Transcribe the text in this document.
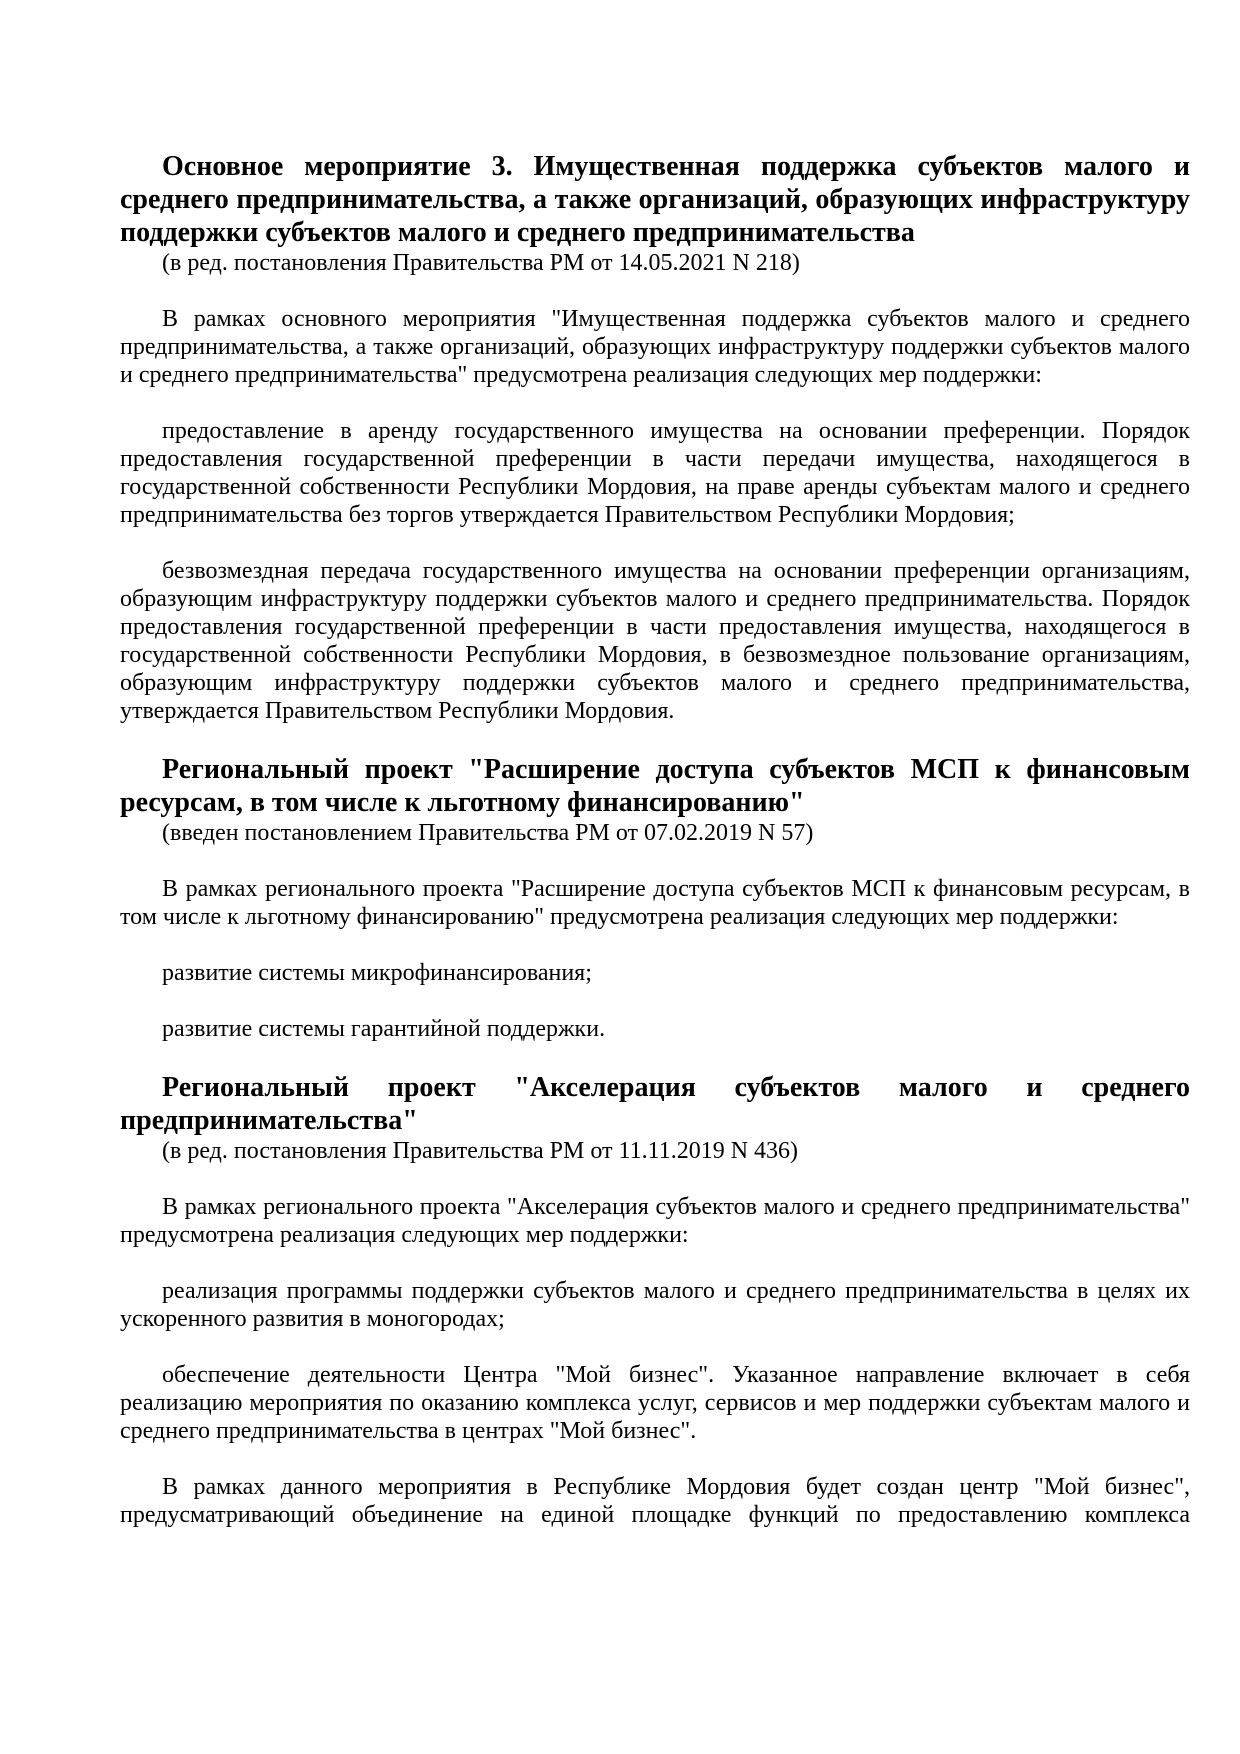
Основное мероприятие 3. Имущественная поддержка субъектов малого и среднего предпринимательства, а также организаций, образующих инфраструктуру поддержки субъектов малого и среднего предпринимательства

(в ред. постановления Правительства РМ от 14.05.2021 N 218)

В рамках основного мероприятия "Имущественная поддержка субъектов малого и среднего предпринимательства, а также организаций, образующих инфраструктуру поддержки субъектов малого и среднего предпринимательства" предусмотрена реализация следующих мер поддержки:

предоставление в аренду государственного имущества на основании преференции. Порядок предоставления государственной преференции в части передачи имущества, находящегося в государственной собственности Республики Мордовия, на праве аренды субъектам малого и среднего предпринимательства без торгов утверждается Правительством Республики Мордовия;

безвозмездная передача государственного имущества на основании преференции организациям, образующим инфраструктуру поддержки субъектов малого и среднего предпринимательства. Порядок предоставления государственной преференции в части предоставления имущества, находящегося в государственной собственности Республики Мордовия, в безвозмездное пользование организациям, образующим инфраструктуру поддержки субъектов малого и среднего предпринимательства, утверждается Правительством Республики Мордовия.

Региональный проект "Расширение доступа субъектов МСП к финансовым ресурсам, в том числе к льготному финансированию"

(введен постановлением Правительства РМ от 07.02.2019 N 57)

В рамках регионального проекта "Расширение доступа субъектов МСП к финансовым ресурсам, в том числе к льготному финансированию" предусмотрена реализация следующих мер поддержки:

развитие системы микрофинансирования;

развитие системы гарантийной поддержки.

Региональный проект "Акселерация субъектов малого и среднего предпринимательства"

(в ред. постановления Правительства РМ от 11.11.2019 N 436)

В рамках регионального проекта "Акселерация субъектов малого и среднего предпринимательства" предусмотрена реализация следующих мер поддержки:

реализация программы поддержки субъектов малого и среднего предпринимательства в целях их ускоренного развития в моногородах;

обеспечение деятельности Центра "Мой бизнес". Указанное направление включает в себя реализацию мероприятия по оказанию комплекса услуг, сервисов и мер поддержки субъектам малого и среднего предпринимательства в центрах "Мой бизнес".

В рамках данного мероприятия в Республике Мордовия будет создан центр "Мой бизнес", предусматривающий объединение на единой площадке функций по предоставлению комплекса
